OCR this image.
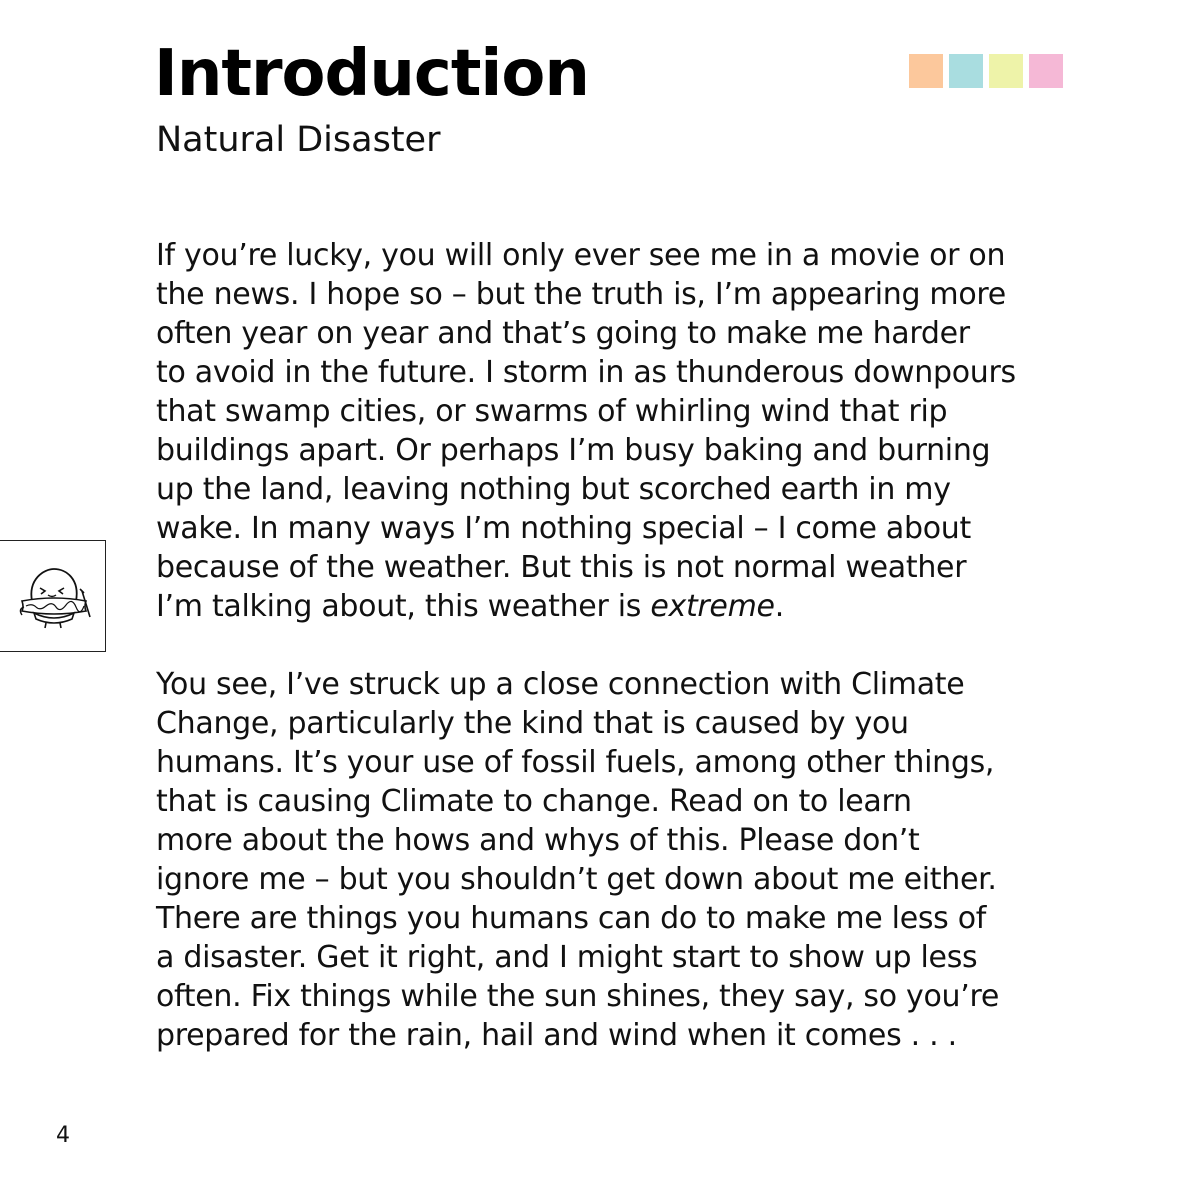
Introduction
Natural Disaster

If you’re lucky, you will only ever see me in a movie or on
the news. I hope so – but the truth is, I’m appearing more
often year on year and that’s going to make me harder
to avoid in the future. I storm in as thunderous downpours
that swamp cities, or swarms of whirling wind that rip
buildings apart. Or perhaps I’m busy baking and burning
up the land, leaving nothing but scorched earth in my
wake. In many ways I’m nothing special – I come about
because of the weather. But this is not normal weather
I’m talking about, this weather is extreme.

You see, I’ve struck up a close connection with Climate
Change, particularly the kind that is caused by you
humans. It’s your use of fossil fuels, among other things,
that is causing Climate to change. Read on to learn
more about the hows and whys of this. Please don’t
ignore me – but you shouldn’t get down about me either.
There are things you humans can do to make me less of
a disaster. Get it right, and I might start to show up less
often. Fix things while the sun shines, they say, so you’re
prepared for the rain, hail and wind when it comes . . .

4
